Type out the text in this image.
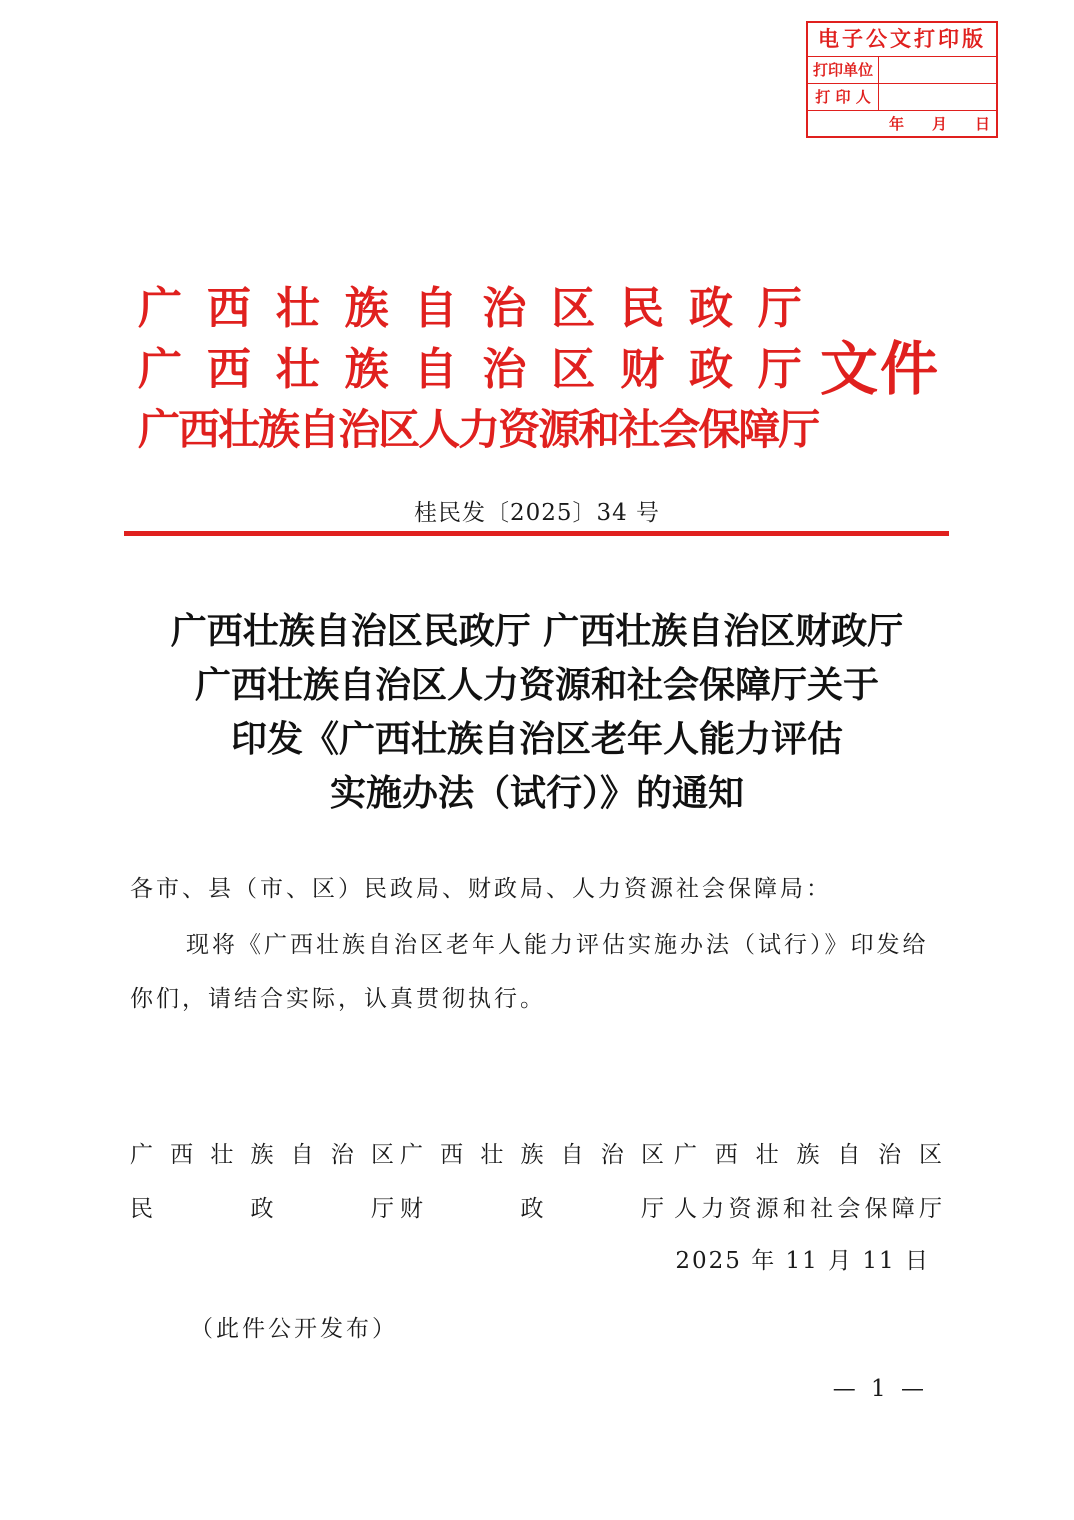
电子公文打印版
打印单位
打 印 人
年 月 日
广 西 壮 族 自 治 区 民 政 厅
广 西 壮 族 自 治 区 财 政 厅
广 西 壮 族 自 治 区 人 力 资 源 和 社 会 保 障 厅
文件
桂民发〔2025〕34 号
广西壮族自治区民政厅 广西壮族自治区财政厅
广西壮族自治区人力资源和社会保障厅关于
印发《广西壮族自治区老年人能力评估
实施办法（试行）》的通知
各市、县（市、区）民政局、财政局、人力资源社会保障局：
现将《广西壮族自治区老年人能力评估实施办法（试行）》印发给你们，请结合实际，认真贯彻执行。
广 西 壮 族 自 治 区 广 西 壮 族 自 治 区 广 西 壮 族 自 治 区
民	政	厅 财	政	厅 人 力 资 源 和 社 会 保 障 厅
2025 年 11 月 11 日
（此件公开发布）
— 1 —
